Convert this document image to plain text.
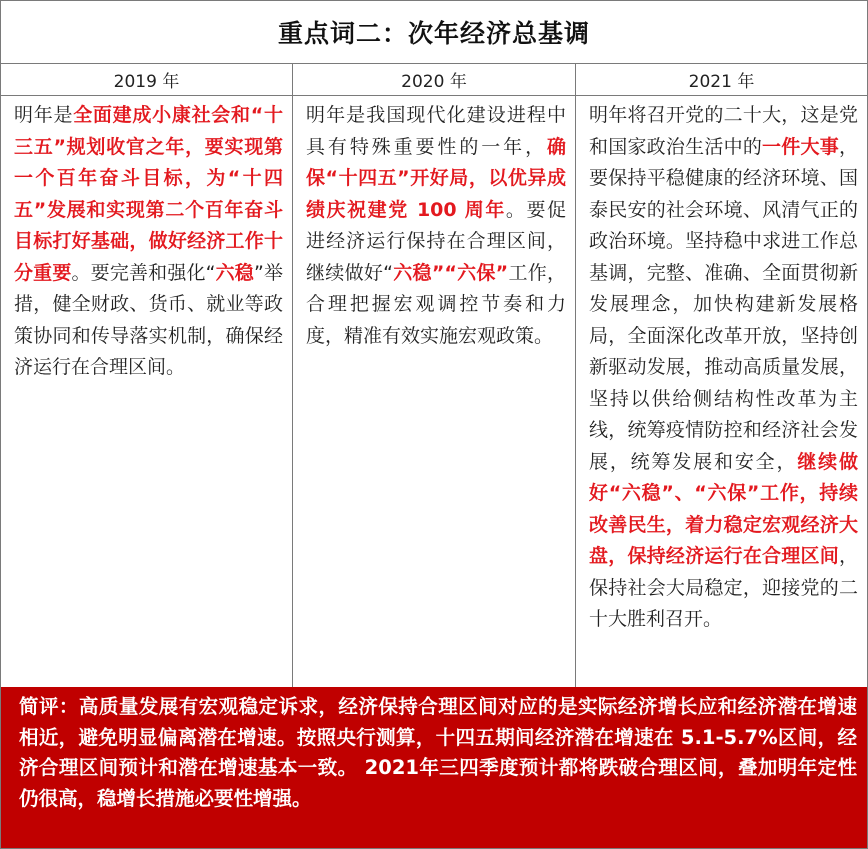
重点词二：次年经济总基调
2019 年	2020 年	2021 年
明年是全面建成小康社会和“十三五”规划收官之年，要实现第一个百年奋斗目标，为“十四五”发展和实现第二个百年奋斗目标打好基础，做好经济工作十分重要。要完善和强化“六稳”举措，健全财政、货币、就业等政策协同和传导落实机制，确保经济运行在合理区间。
明年是我国现代化建设进程中具有特殊重要性的一年，确保“十四五”开好局，以优异成绩庆祝建党 100 周年。要促进经济运行保持在合理区间，继续做好“六稳”“六保”工作，合理把握宏观调控节奏和力度，精准有效实施宏观政策。
明年将召开党的二十大，这是党和国家政治生活中的一件大事，要保持平稳健康的经济环境、国泰民安的社会环境、风清气正的政治环境。坚持稳中求进工作总基调，完整、准确、全面贯彻新发展理念，加快构建新发展格局，全面深化改革开放，坚持创新驱动发展，推动高质量发展，坚持以供给侧结构性改革为主线，统筹疫情防控和经济社会发展，统筹发展和安全，继续做好“六稳”、“六保”工作，持续改善民生，着力稳定宏观经济大盘，保持经济运行在合理区间，保持社会大局稳定，迎接党的二十大胜利召开。
简评：高质量发展有宏观稳定诉求，经济保持合理区间对应的是实际经济增长应和经济潜在增速相近，避免明显偏离潜在增速。按照央行测算，十四五期间经济潜在增速在 5.1-5.7%区间，经济合理区间预计和潜在增速基本一致。 2021年三四季度预计都将跌破合理区间，叠加明年定性仍很高，稳增长措施必要性增强。
